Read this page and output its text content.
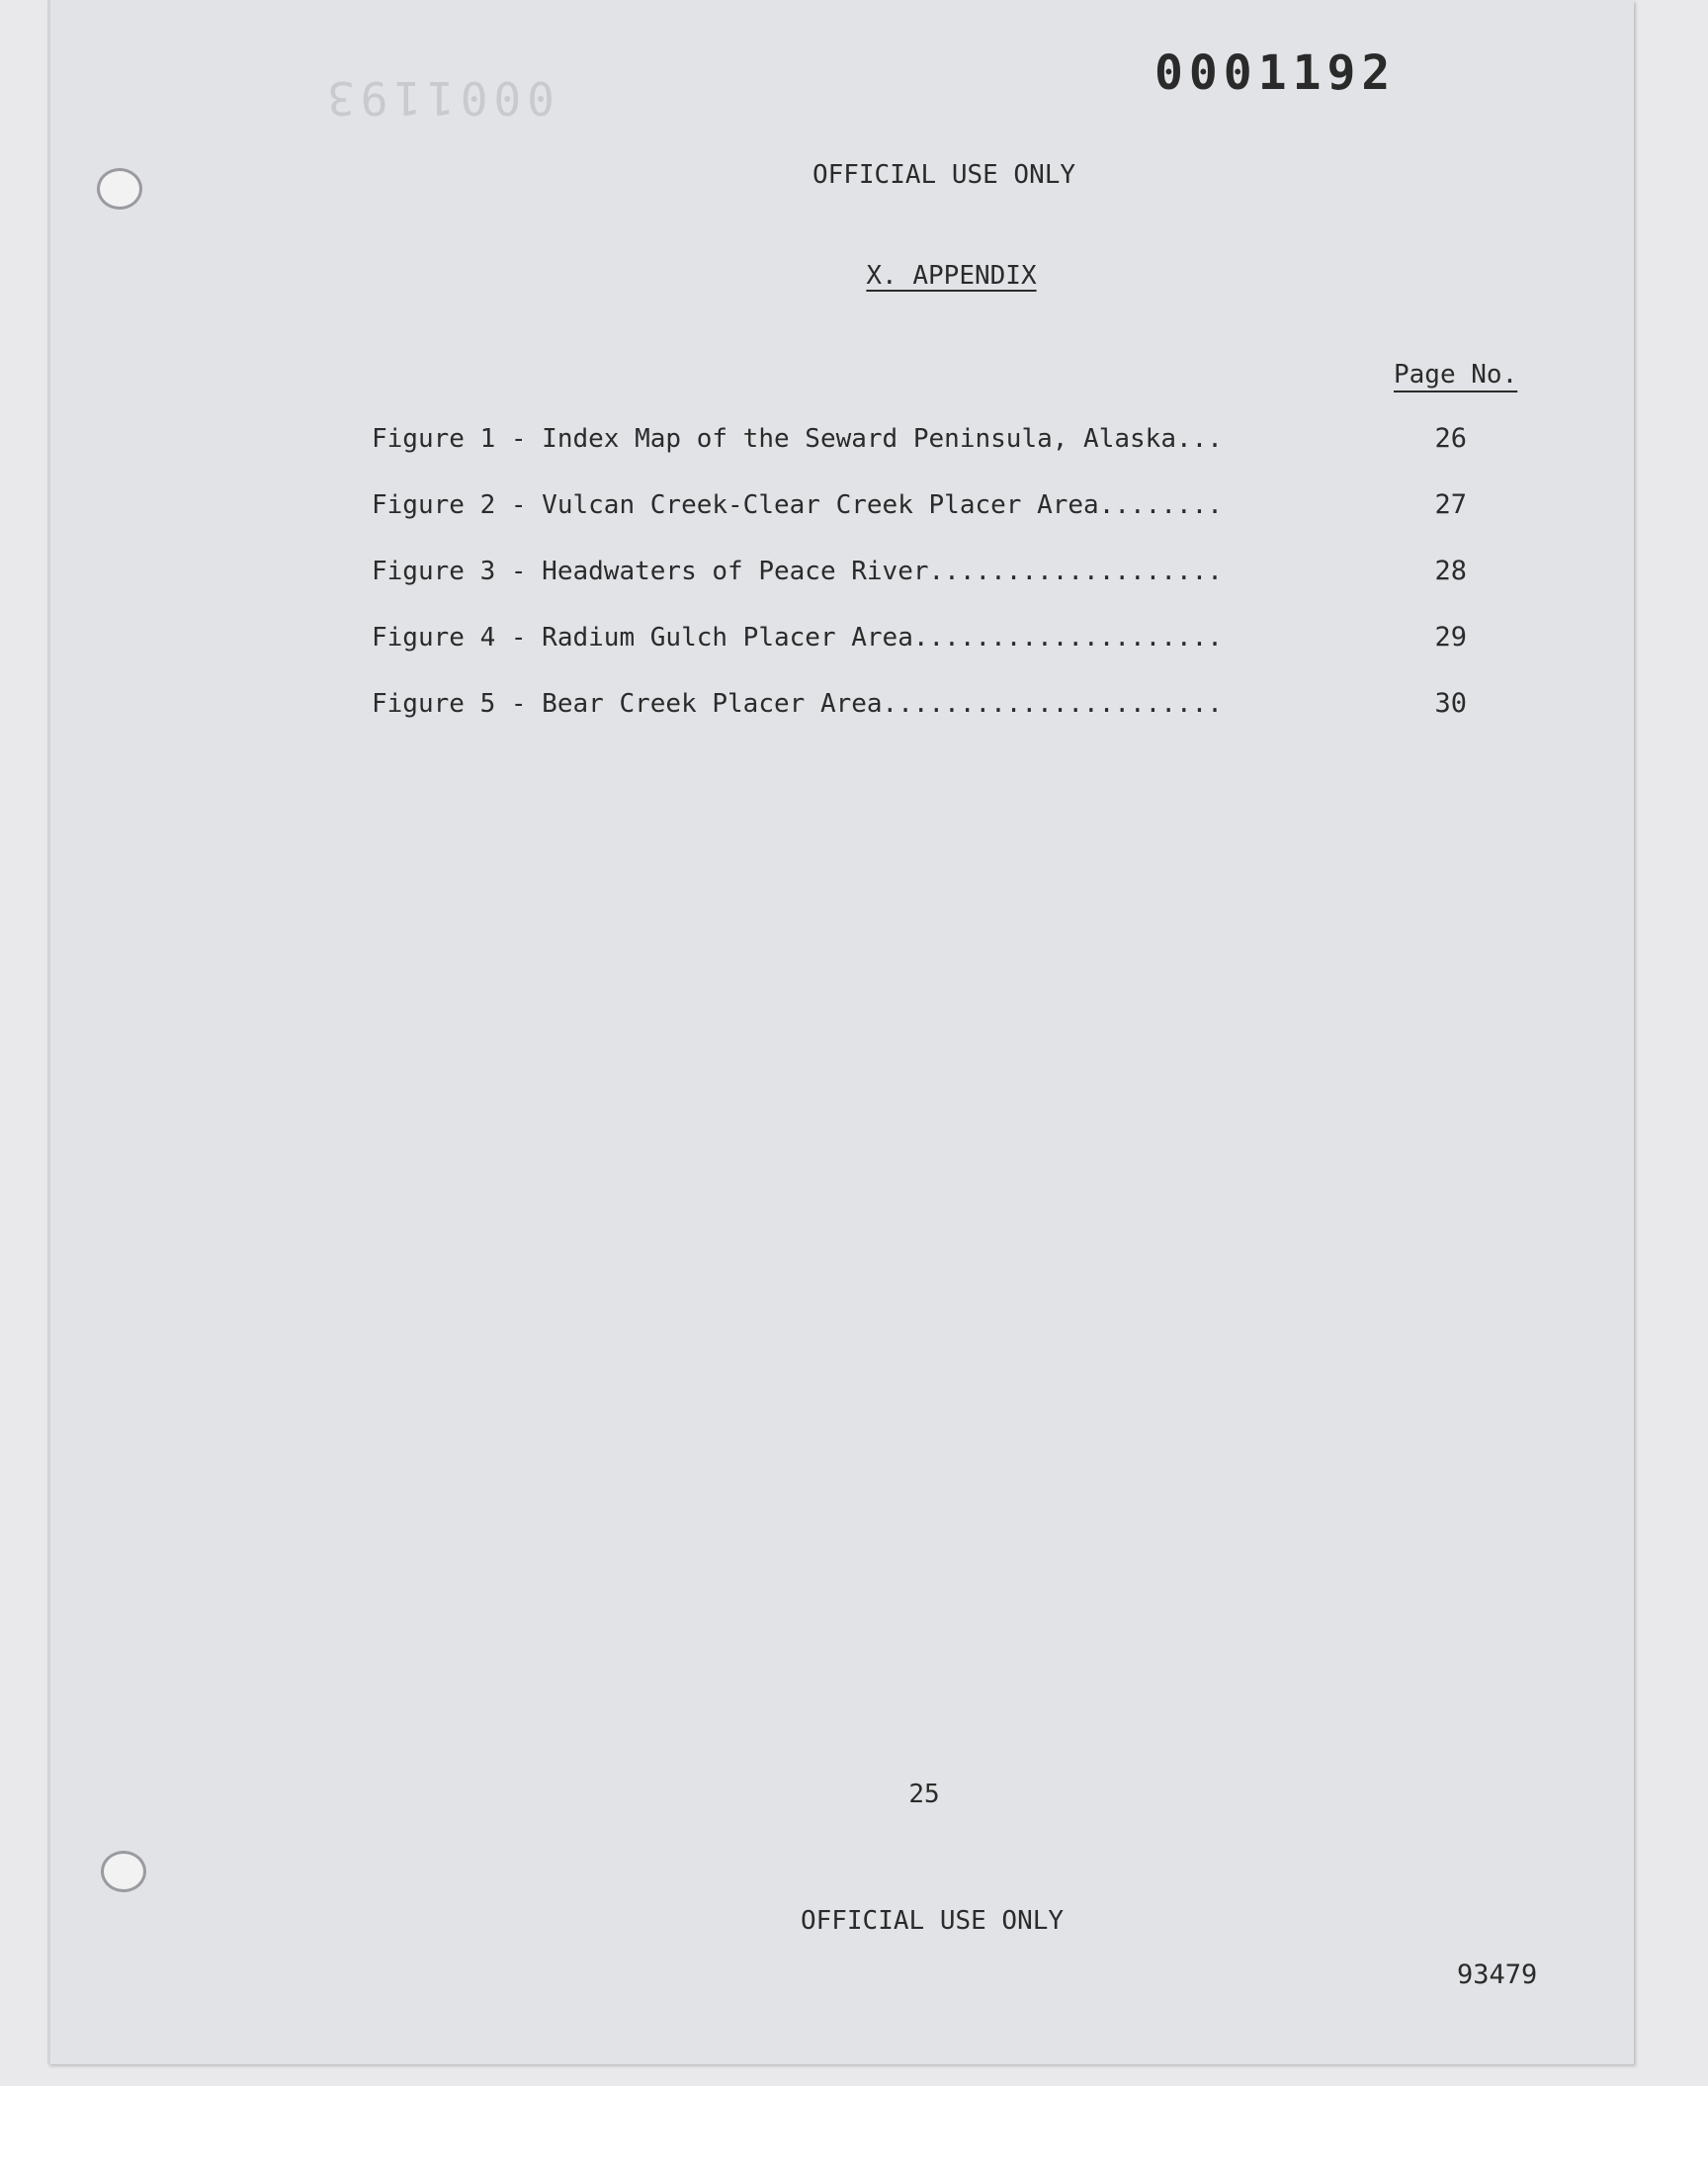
0001193	0001192
OFFICIAL USE ONLY
X. APPENDIX
Page No.
Figure 1 - Index Map of the Seward Peninsula, Alaska...	26
Figure 2 - Vulcan Creek-Clear Creek Placer Area........	27
Figure 3 - Headwaters of Peace River...................	28
Figure 4 - Radium Gulch Placer Area....................	29
Figure 5 - Bear Creek Placer Area......................	30
25
OFFICIAL USE ONLY
93479
